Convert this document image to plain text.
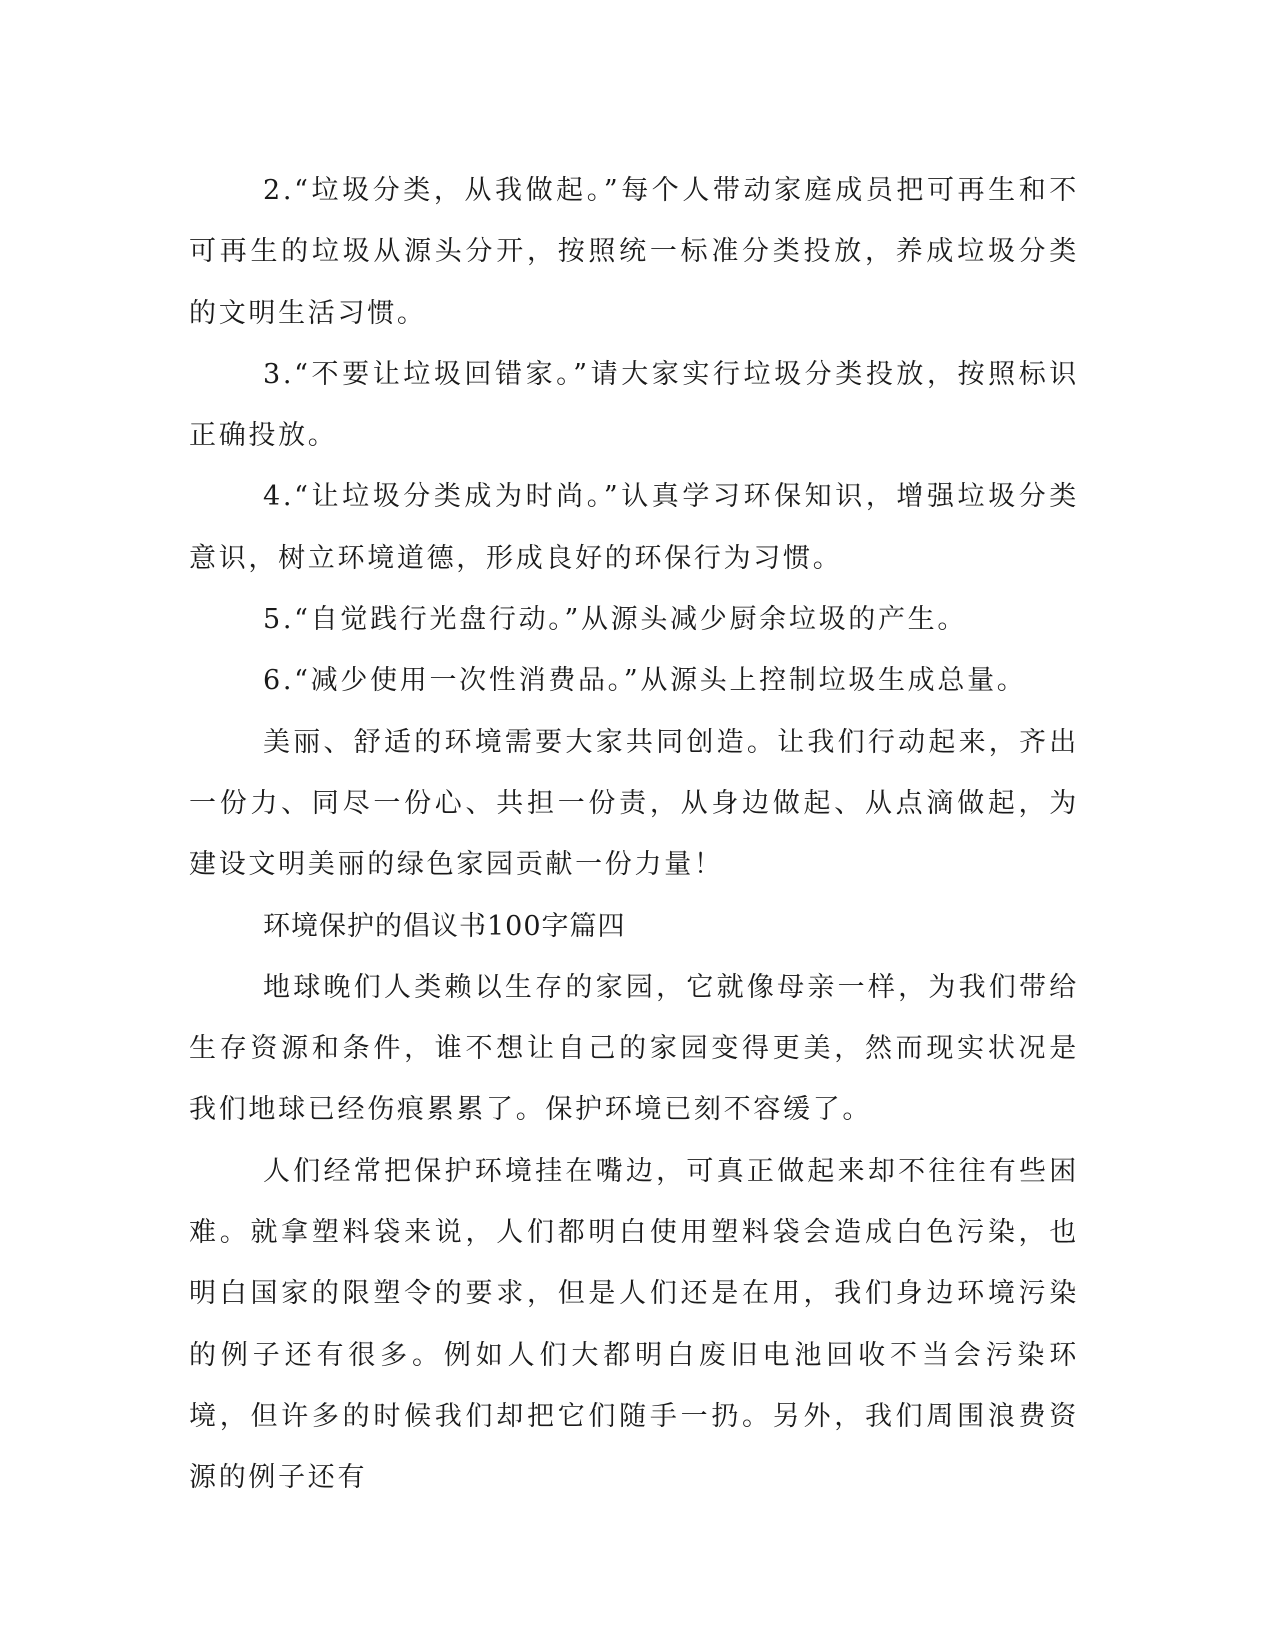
2.“垃圾分类，从我做起。”每个人带动家庭成员把可再生和不可再生的垃圾从源头分开，按照统一标准分类投放，养成垃圾分类的文明生活习惯。

3.“不要让垃圾回错家。”请大家实行垃圾分类投放，按照标识正确投放。

4.“让垃圾分类成为时尚。”认真学习环保知识，增强垃圾分类意识，树立环境道德，形成良好的环保行为习惯。

5.“自觉践行光盘行动。”从源头减少厨余垃圾的产生。

6.“减少使用一次性消费品。”从源头上控制垃圾生成总量。

美丽、舒适的环境需要大家共同创造。让我们行动起来，齐出一份力、同尽一份心、共担一份责，从身边做起、从点滴做起，为建设文明美丽的绿色家园贡献一份力量！

环境保护的倡议书100字篇四

地球晚们人类赖以生存的家园，它就像母亲一样，为我们带给生存资源和条件，谁不想让自己的家园变得更美，然而现实状况是我们地球已经伤痕累累了。保护环境已刻不容缓了。

人们经常把保护环境挂在嘴边，可真正做起来却不往往有些困难。就拿塑料袋来说，人们都明白使用塑料袋会造成白色污染，也明白国家的限塑令的要求，但是人们还是在用，我们身边环境污染的例子还有很多。例如人们大都明白废旧电池回收不当会污染环境，但许多的时候我们却把它们随手一扔。另外，我们周围浪费资源的例子还有
